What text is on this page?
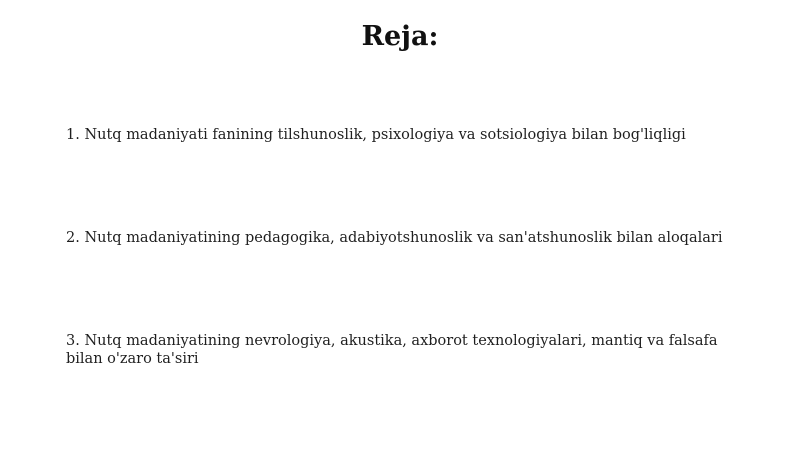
Reja:

1. Nutq madaniyati fanining tilshunoslik, psixologiya va sotsiologiya bilan bog'liqligi

2. Nutq madaniyatining pedagogika, adabiyotshunoslik va san'atshunoslik bilan aloqalari

3. Nutq madaniyatining nevrologiya, akustika, axborot texnologiyalari, mantiq va falsafa bilan o'zaro ta'siri
